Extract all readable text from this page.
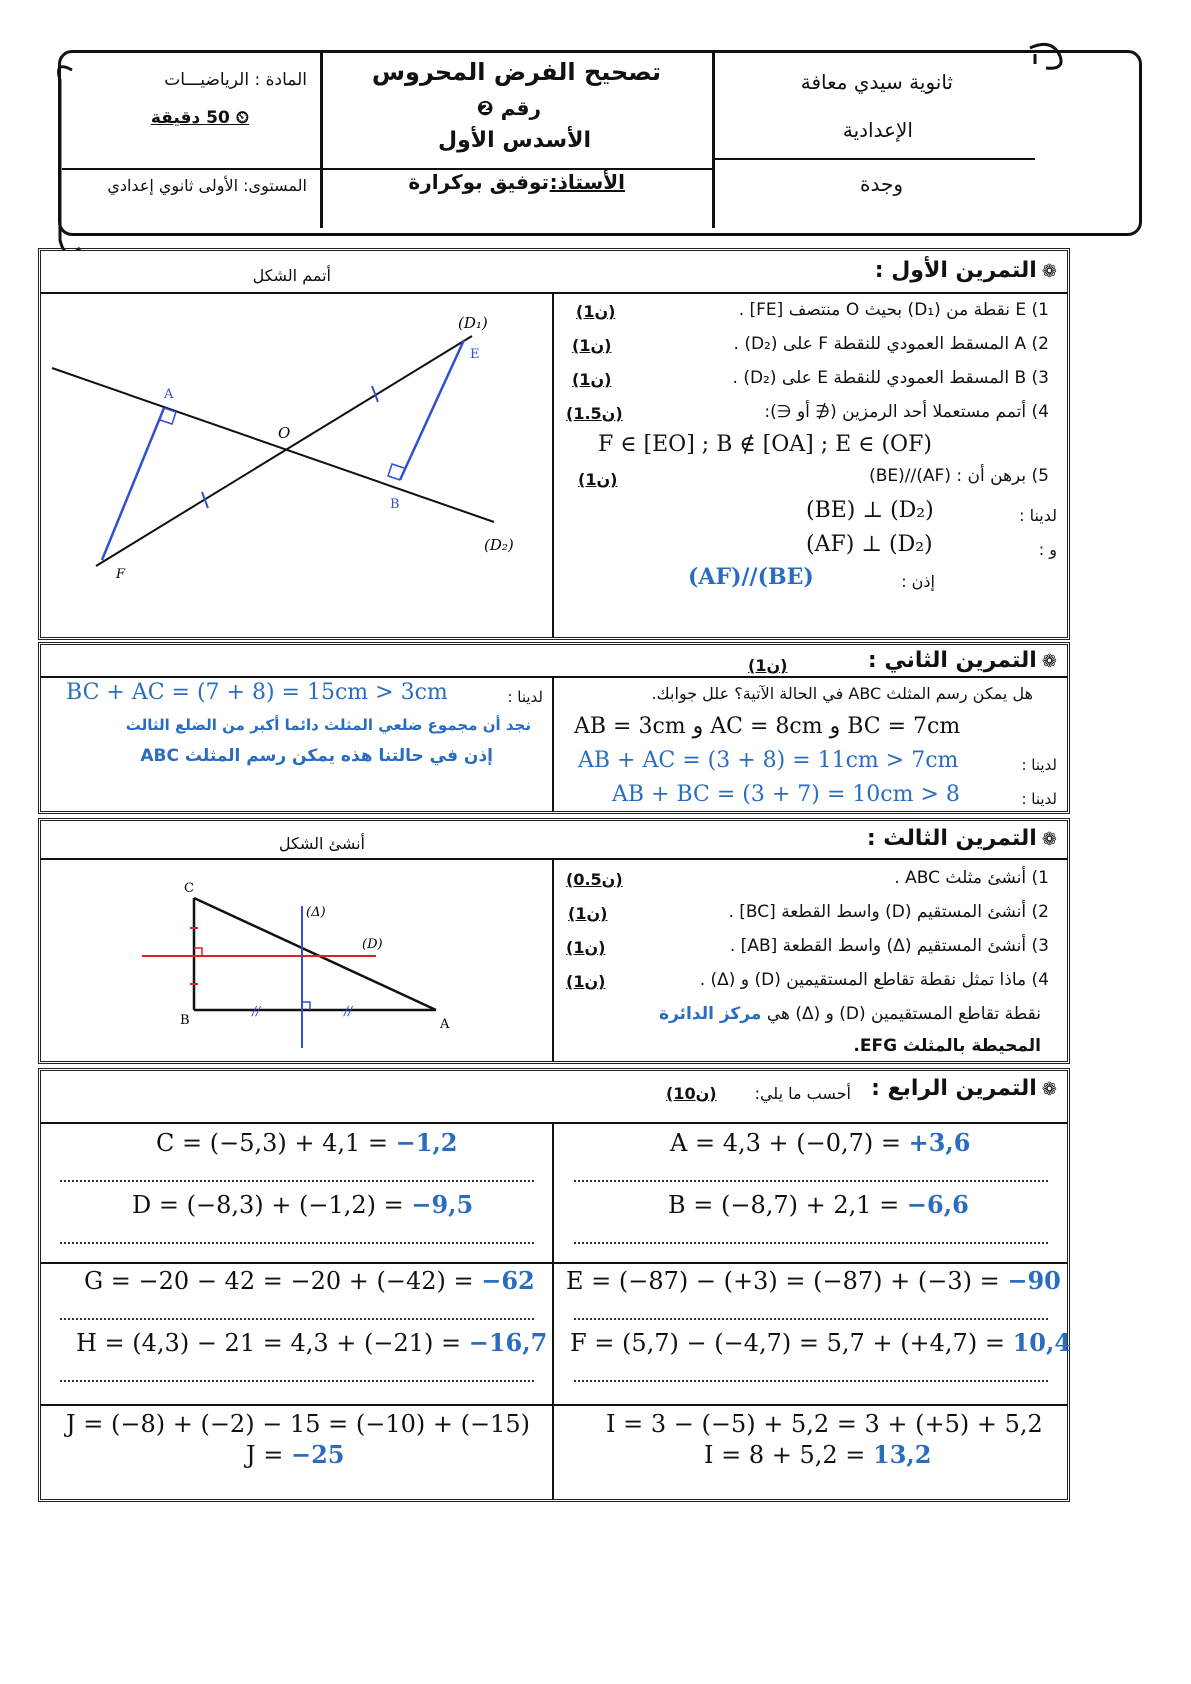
ثانوية سيدي معافة
الإعدادية
وجدة
تصحيح الفرض المحروس
رقم ❷
الأسدس الأول
الأستاذ:
توفيق بوكرارة
المادة : الرياضيـــات
⏲ 50 دقيقة
المستوى: الأولى ثانوي إعدادي
❁ التمرين الأول :
أتمم الشكل
1) E نقطة من (D₁) بحيث O منتصف [FE] .
(1ن)
2) A المسقط العمودي للنقطة F على (D₂) .
(1ن)
3) B المسقط العمودي للنقطة E على (D₂) .
(1ن)
4) أتمم مستعملا أحد الرمزين (∉ أو ∈):
(1.5ن)
F ∈ [EO] ; B ∉ [OA] ; E ∈ (OF)
5) برهن أن : (AF)//(BE)
(1ن)
لدينا :
(BE) ⊥ (D₂)
و :
(AF) ⊥ (D₂)
إذن :
(AF)//(BE)
(D₁)
E
A
O
B
F
(D₂)
❁ التمرين الثاني :
(1ن)
هل يمكن رسم المثلث ABC في الحالة الآتية؟ علل جوابك.
AB = 3cm و AC = 8cm و BC = 7cm
لدينا :
AB + AC = (3 + 8) = 11cm > 7cm
لدينا :
AB + BC = (3 + 7) = 10cm > 8
لدينا :
BC + AC = (7 + 8) = 15cm > 3cm
نجد أن مجموع ضلعي المثلث دائما أكبر من الضلع الثالث
إذن في حالتنا هذه يمكن رسم المثلث ABC
❁ التمرين الثالث :
أنشئ الشكل
1) أنشئ مثلث ABC .
(0.5ن)
2) أنشئ المستقيم (D) واسط القطعة [BC] .
(1ن)
3) أنشئ المستقيم (Δ) واسط القطعة [AB] .
(1ن)
4) ماذا تمثل نقطة تقاطع المستقيمين (D) و (Δ) .
(1ن)
نقطة تقاطع المستقيمين (D) و (Δ) هي مركز الدائرة
المحيطة بالمثلث EFG.
//	//
C
B	A
(Δ)
(D)
❁ التمرين الرابع :
أحسب ما يلي:
(10ن)
A = 4,3 + (−0,7) = +3,6
B = (−8,7) + 2,1 = −6,6
C = (−5,3) + 4,1 = −1,2
D = (−8,3) + (−1,2) = −9,5
E = (−87) − (+3) = (−87) + (−3) = −90
F = (5,7) − (−4,7) = 5,7 + (+4,7) = 10,4
G = −20 − 42 = −20 + (−42) = −62
H = (4,3) − 21 = 4,3 + (−21) = −16,7
I = 3 − (−5) + 5,2 = 3 + (+5) + 5,2
I = 8 + 5,2 = 13,2
J = (−8) + (−2) − 15 = (−10) + (−15)
J = −25
